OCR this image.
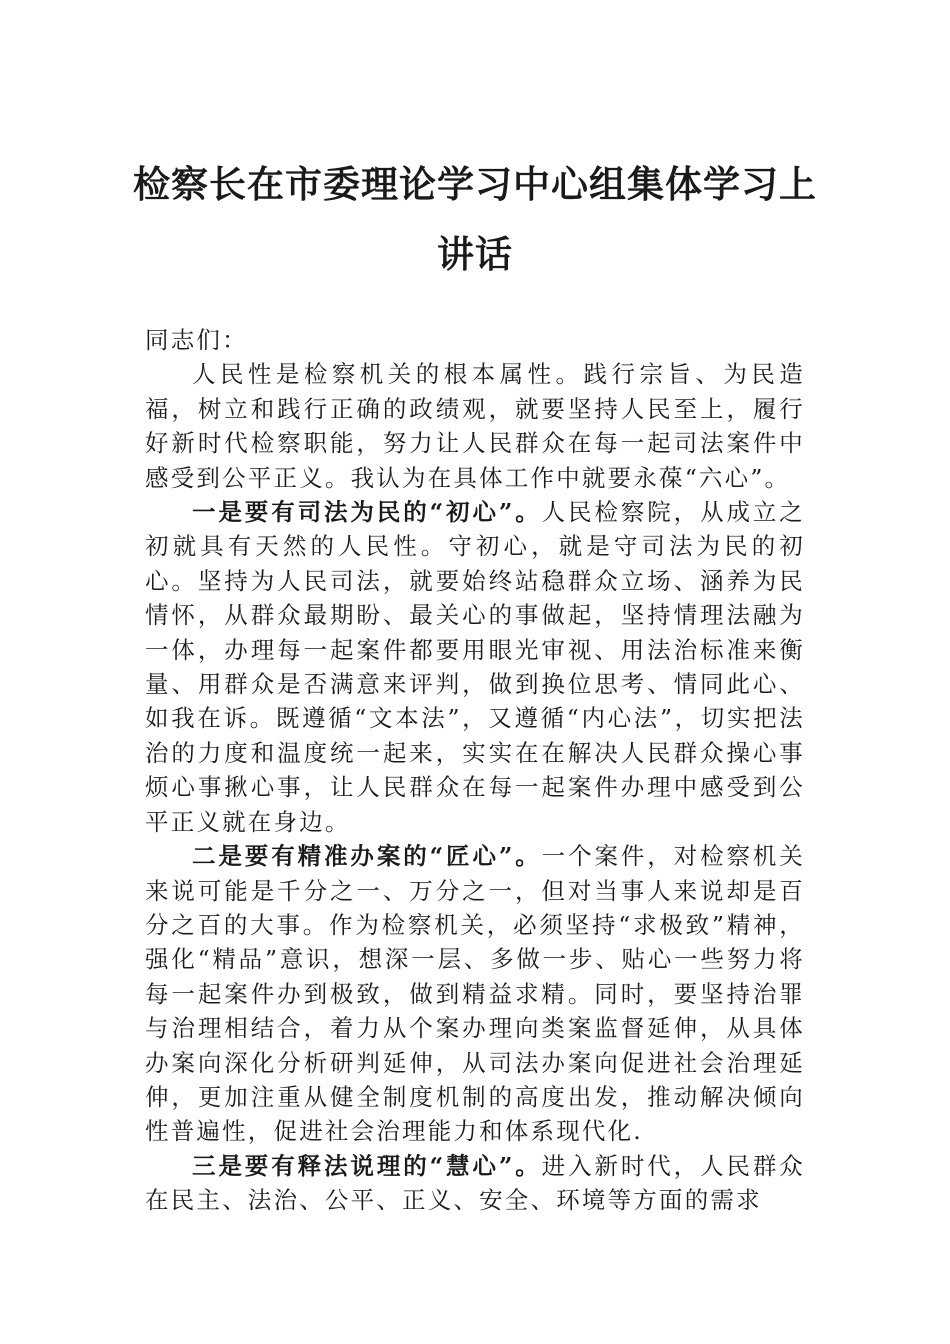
检察长在市委理论学习中心组集体学习上
讲话

同志们：

人民性是检察机关的根本属性。践行宗旨、为民造福，树立和践行正确的政绩观，就要坚持人民至上，履行好新时代检察职能，努力让人民群众在每一起司法案件中感受到公平正义。我认为在具体工作中就要永葆“六心”。

一是要有司法为民的“初心”。人民检察院，从成立之初就具有天然的人民性。守初心，就是守司法为民的初心。坚持为人民司法，就要始终站稳群众立场、涵养为民情怀，从群众最期盼、最关心的事做起，坚持情理法融为一体，办理每一起案件都要用眼光审视、用法治标准来衡量、用群众是否满意来评判，做到换位思考、情同此心、如我在诉。既遵循“文本法”，又遵循“内心法”，切实把法治的力度和温度统一起来，实实在在解决人民群众操心事烦心事揪心事，让人民群众在每一起案件办理中感受到公平正义就在身边。

二是要有精准办案的“匠心”。一个案件，对检察机关来说可能是千分之一、万分之一，但对当事人来说却是百分之百的大事。作为检察机关，必须坚持“求极致”精神，强化“精品”意识，想深一层、多做一步、贴心一些努力将每一起案件办到极致，做到精益求精。同时，要坚持治罪与治理相结合，着力从个案办理向类案监督延伸，从具体办案向深化分析研判延伸，从司法办案向促进社会治理延伸，更加注重从健全制度机制的高度出发，推动解决倾向性普遍性，促进社会治理能力和体系现代化.

三是要有释法说理的“慧心”。进入新时代，人民群众在民主、法治、公平、正义、安全、环境等方面的需求
